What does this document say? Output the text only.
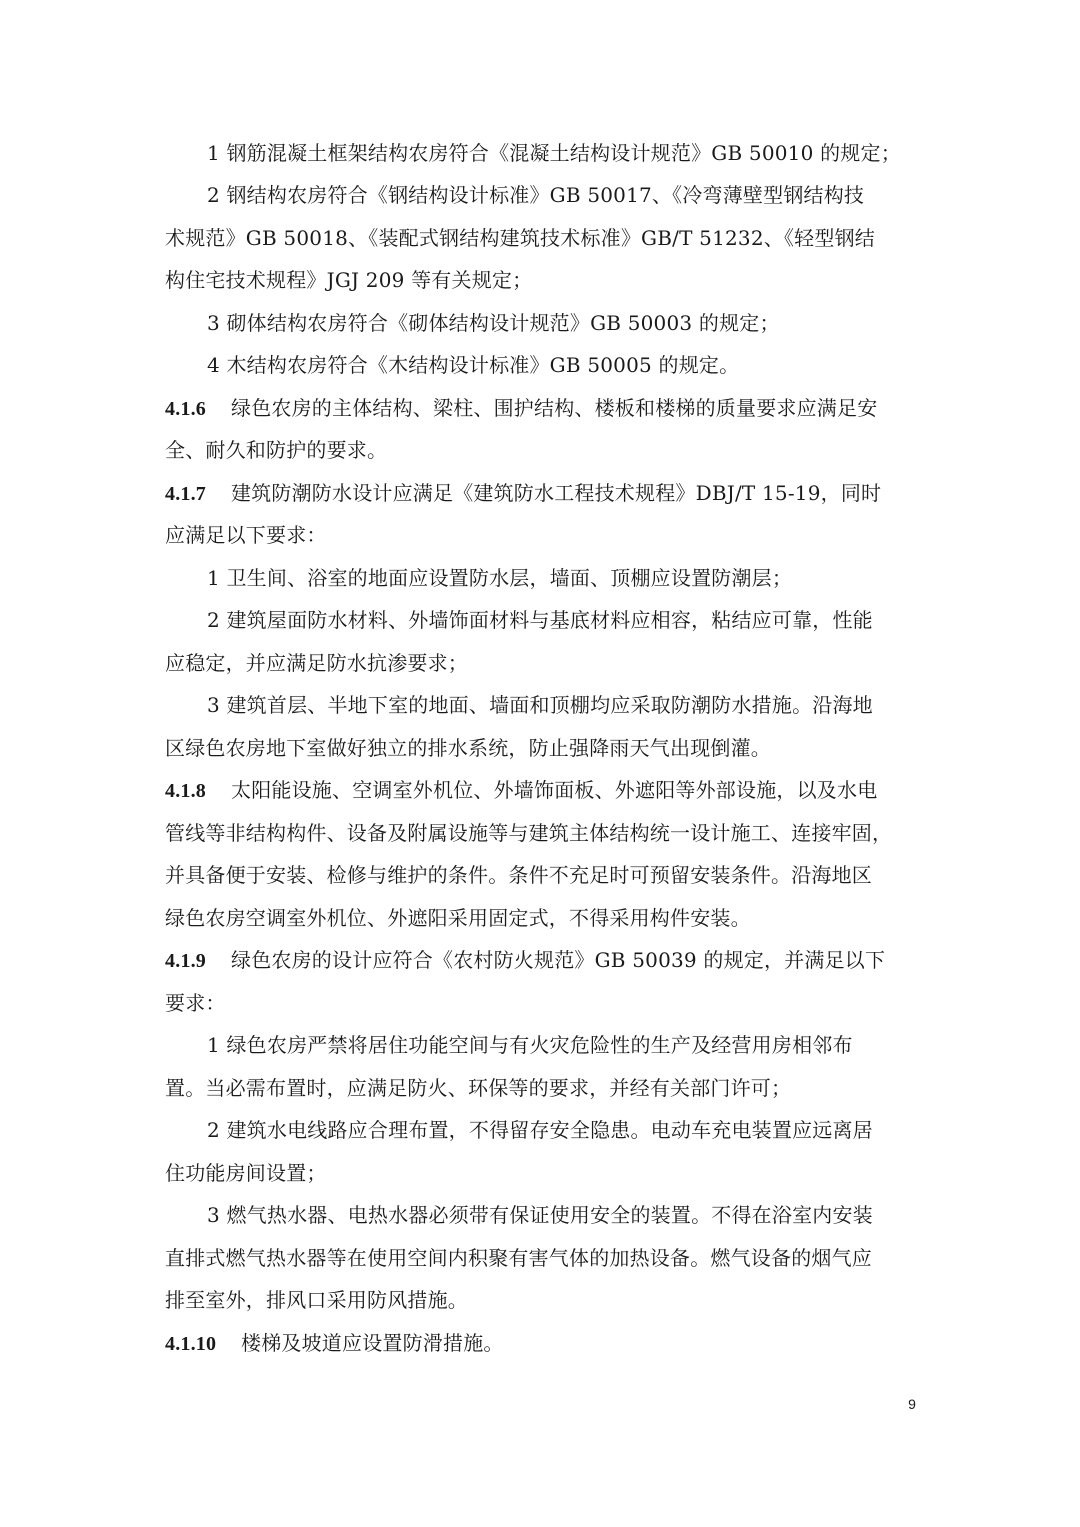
1 钢筋混凝土框架结构农房符合《混凝土结构设计规范》GB 50010 的规定；
2 钢结构农房符合《钢结构设计标准》GB 50017、《冷弯薄壁型钢结构技
术规范》GB 50018、《装配式钢结构建筑技术标准》GB/T 51232、《轻型钢结
构住宅技术规程》JGJ 209 等有关规定；
3 砌体结构农房符合《砌体结构设计规范》GB 50003 的规定；
4 木结构农房符合《木结构设计标准》GB 50005 的规定。
4.1.6 绿色农房的主体结构、梁柱、围护结构、楼板和楼梯的质量要求应满足安
全、耐久和防护的要求。
4.1.7 建筑防潮防水设计应满足《建筑防水工程技术规程》DBJ/T 15-19，同时
应满足以下要求：
1 卫生间、浴室的地面应设置防水层，墙面、顶棚应设置防潮层；
2 建筑屋面防水材料、外墙饰面材料与基底材料应相容，粘结应可靠，性能
应稳定，并应满足防水抗渗要求；
3 建筑首层、半地下室的地面、墙面和顶棚均应采取防潮防水措施。沿海地
区绿色农房地下室做好独立的排水系统，防止强降雨天气出现倒灌。
4.1.8 太阳能设施、空调室外机位、外墙饰面板、外遮阳等外部设施，以及水电
管线等非结构构件、设备及附属设施等与建筑主体结构统一设计施工、连接牢固，
并具备便于安装、检修与维护的条件。条件不充足时可预留安装条件。沿海地区
绿色农房空调室外机位、外遮阳采用固定式，不得采用构件安装。
4.1.9 绿色农房的设计应符合《农村防火规范》GB 50039 的规定，并满足以下
要求：
1 绿色农房严禁将居住功能空间与有火灾危险性的生产及经营用房相邻布
置。当必需布置时，应满足防火、环保等的要求，并经有关部门许可；
2 建筑水电线路应合理布置，不得留存安全隐患。电动车充电装置应远离居
住功能房间设置；
3 燃气热水器、电热水器必须带有保证使用安全的装置。不得在浴室内安装
直排式燃气热水器等在使用空间内积聚有害气体的加热设备。燃气设备的烟气应
排至室外，排风口采用防风措施。
4.1.10 楼梯及坡道应设置防滑措施。
9
